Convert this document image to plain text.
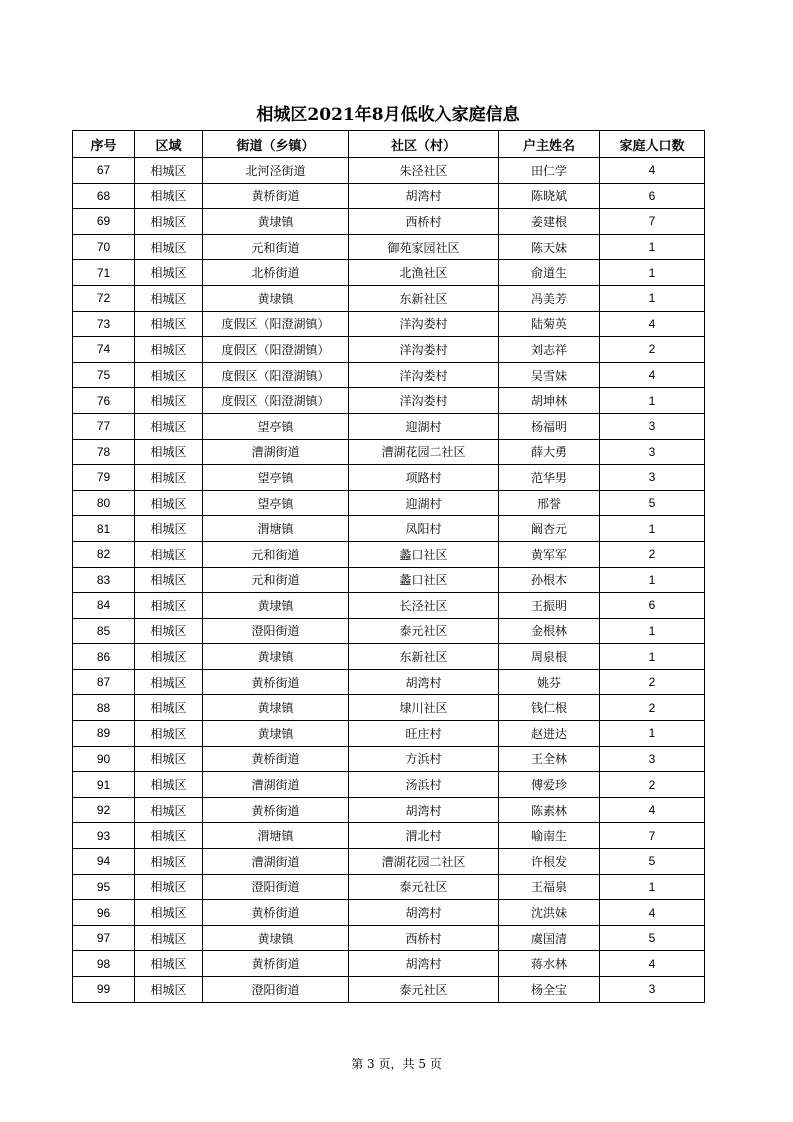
相城区2021年8月低收入家庭信息
序号	区域	街道（乡镇）	社区（村）	户主姓名	家庭人口数
67	相城区	北河泾街道	朱泾社区	田仁学	4
68	相城区	黄桥街道	胡湾村	陈晓斌	6
69	相城区	黄埭镇	西桥村	姜建根	7
70	相城区	元和街道	御苑家园社区	陈天妹	1
71	相城区	北桥街道	北渔社区	俞道生	1
72	相城区	黄埭镇	东新社区	冯美芳	1
73	相城区	度假区（阳澄湖镇）	洋沟娄村	陆菊英	4
74	相城区	度假区（阳澄湖镇）	洋沟娄村	刘志祥	2
75	相城区	度假区（阳澄湖镇）	洋沟娄村	吴雪妹	4
76	相城区	度假区（阳澄湖镇）	洋沟娄村	胡坤林	1
77	相城区	望亭镇	迎湖村	杨福明	3
78	相城区	漕湖街道	漕湖花园二社区	薛大勇	3
79	相城区	望亭镇	项路村	范华男	3
80	相城区	望亭镇	迎湖村	邢誉	5
81	相城区	渭塘镇	凤阳村	阚杏元	1
82	相城区	元和街道	蠡口社区	黄军军	2
83	相城区	元和街道	蠡口社区	孙根木	1
84	相城区	黄埭镇	长泾社区	王振明	6
85	相城区	澄阳街道	泰元社区	金根林	1
86	相城区	黄埭镇	东新社区	周泉根	1
87	相城区	黄桥街道	胡湾村	姚芬	2
88	相城区	黄埭镇	埭川社区	钱仁根	2
89	相城区	黄埭镇	旺庄村	赵进达	1
90	相城区	黄桥街道	方浜村	王全林	3
91	相城区	漕湖街道	汤浜村	傅爱珍	2
92	相城区	黄桥街道	胡湾村	陈素林	4
93	相城区	渭塘镇	渭北村	喻南生	7
94	相城区	漕湖街道	漕湖花园二社区	许根发	5
95	相城区	澄阳街道	泰元社区	王福泉	1
96	相城区	黄桥街道	胡湾村	沈洪妹	4
97	相城区	黄埭镇	西桥村	虞国清	5
98	相城区	黄桥街道	胡湾村	蒋水林	4
99	相城区	澄阳街道	泰元社区	杨全宝	3
第 3 页，共 5 页
